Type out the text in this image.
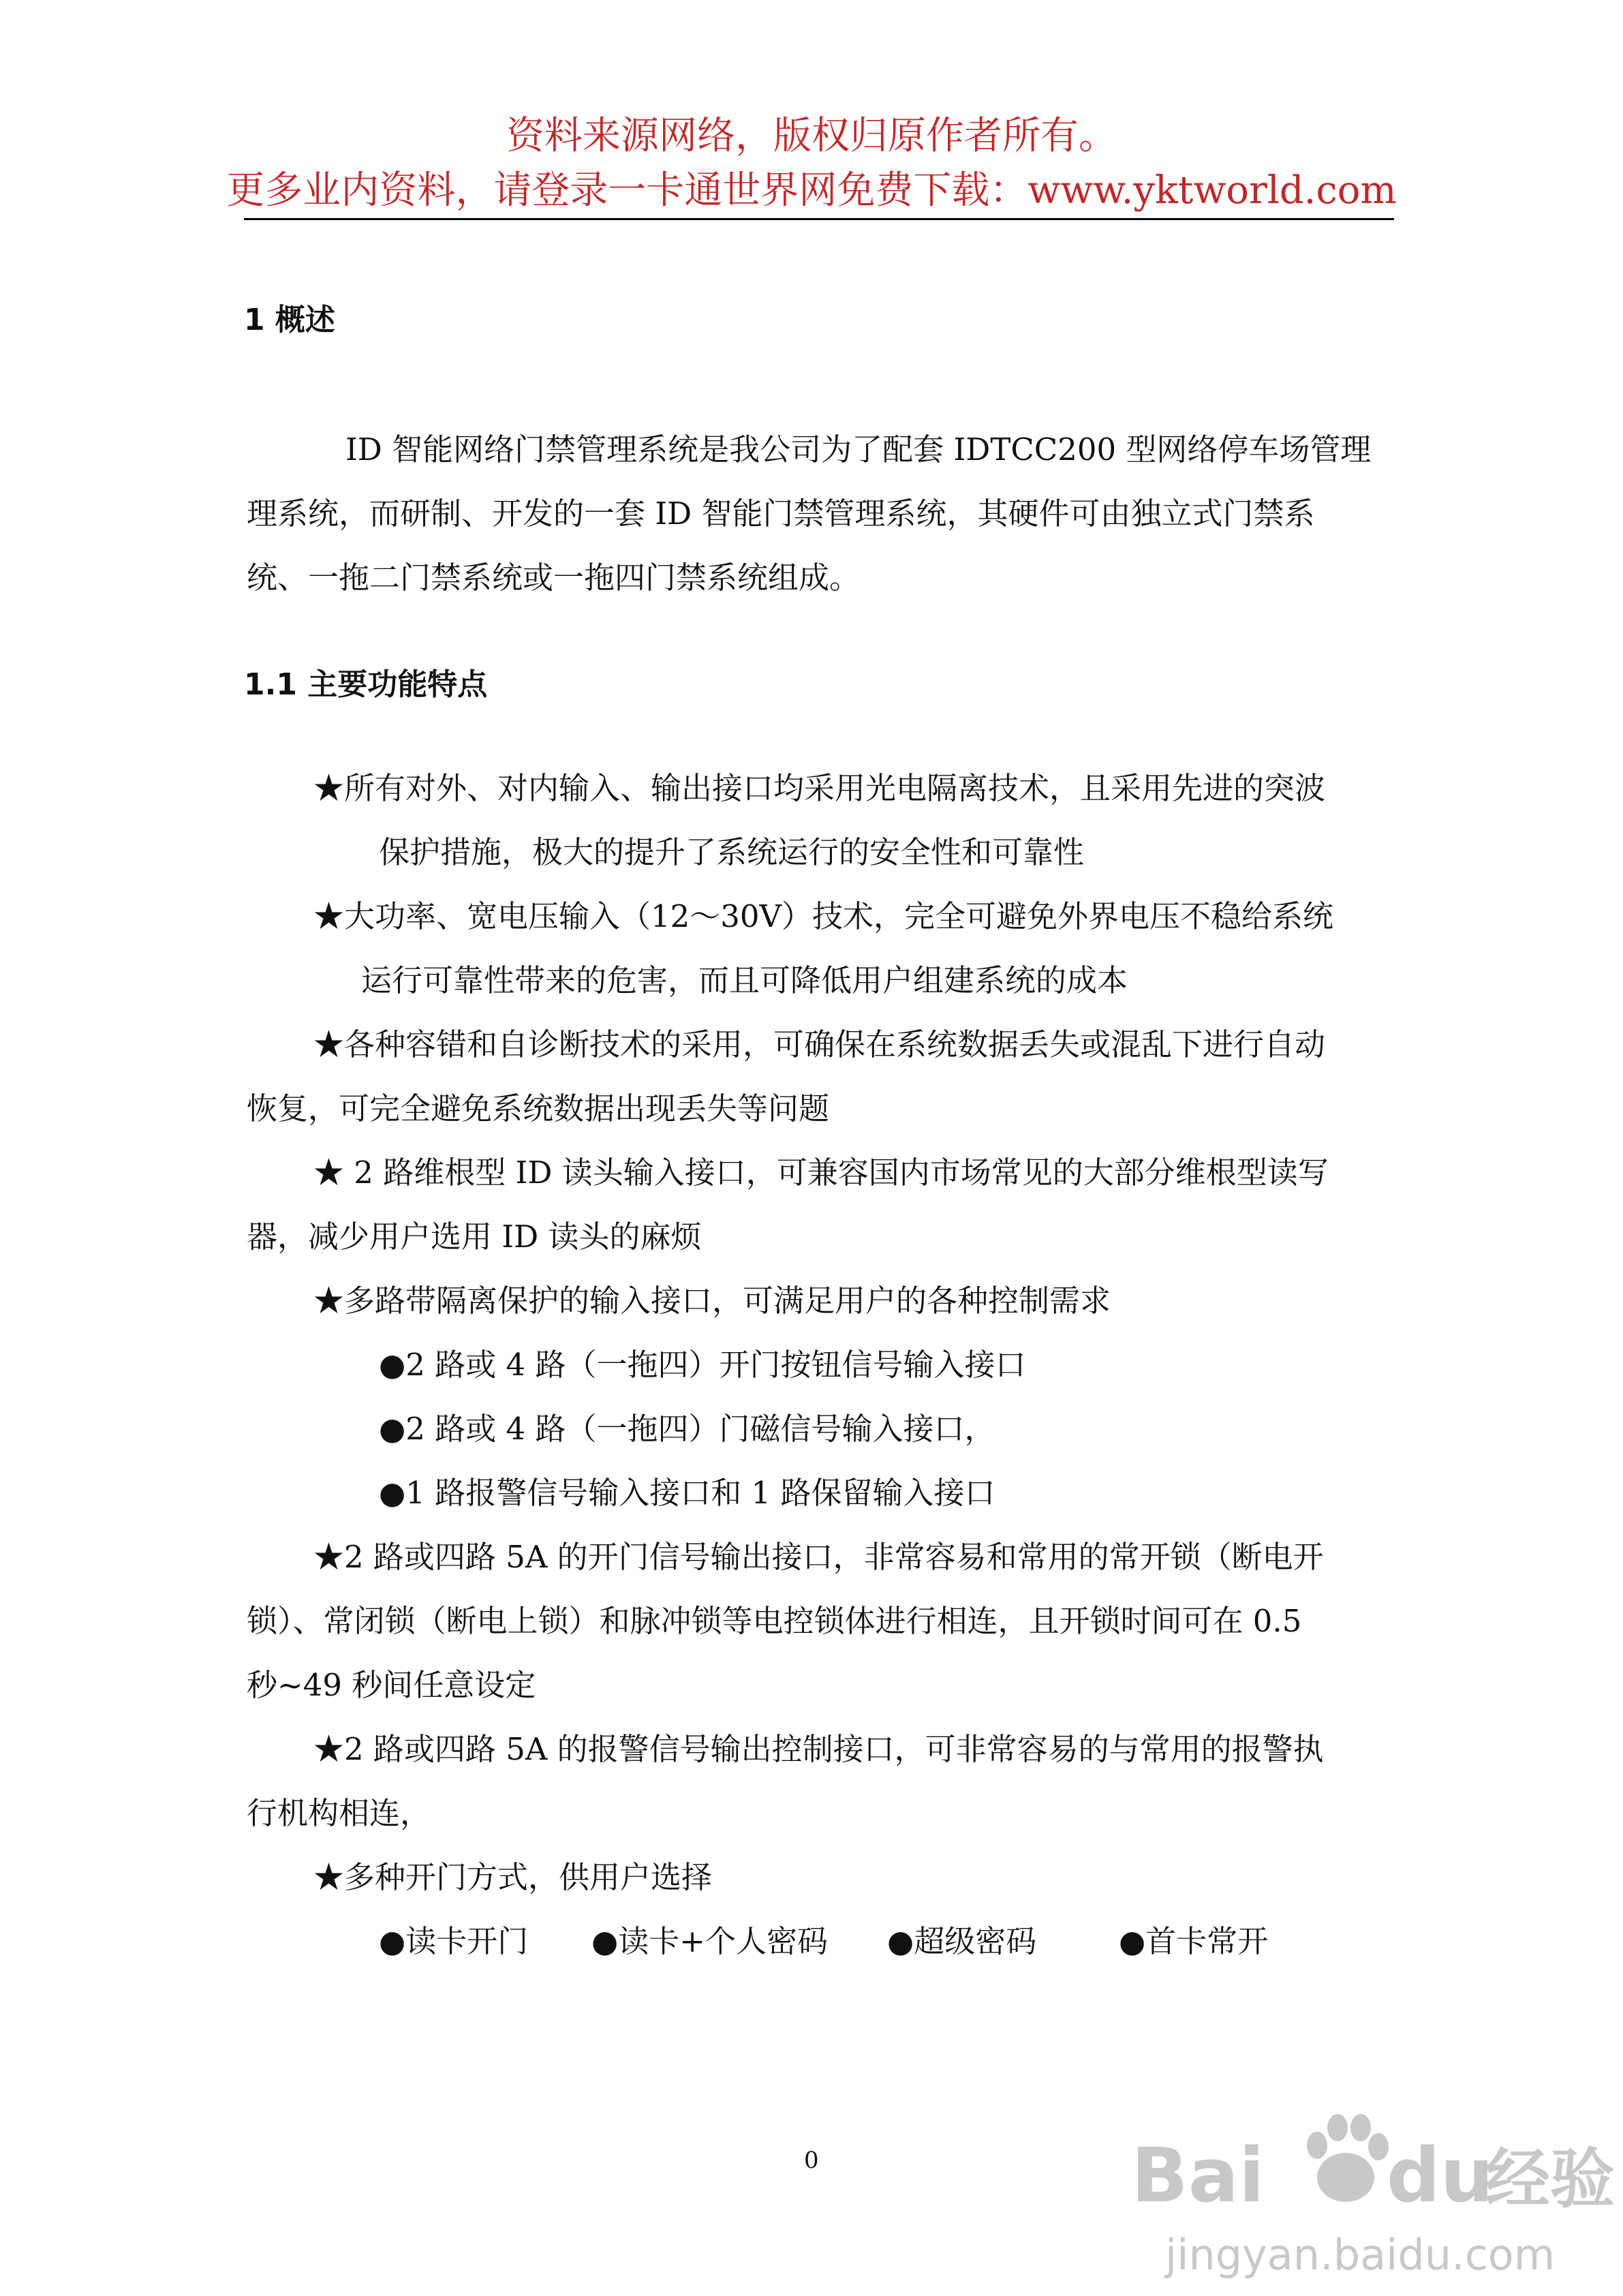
资料来源网络，版权归原作者所有。
更多业内资料，请登录一卡通世界网免费下载：www.yktworld.com
1 概述
ID 智能网络门禁管理系统是我公司为了配套 IDTCC200 型网络停车场管理
理系统，而研制、开发的一套 ID 智能门禁管理系统，其硬件可由独立式门禁系
统、一拖二门禁系统或一拖四门禁系统组成。
1.1 主要功能特点
★所有对外、对内输入、输出接口均采用光电隔离技术，且采用先进的突波
保护措施，极大的提升了系统运行的安全性和可靠性
★大功率、宽电压输入（12～30V）技术，完全可避免外界电压不稳给系统
运行可靠性带来的危害，而且可降低用户组建系统的成本
★各种容错和自诊断技术的采用，可确保在系统数据丢失或混乱下进行自动
恢复，可完全避免系统数据出现丢失等问题
★ 2 路维根型 ID 读头输入接口，可兼容国内市场常见的大部分维根型读写
器，减少用户选用 ID 读头的麻烦
★多路带隔离保护的输入接口，可满足用户的各种控制需求
●2 路或 4 路（一拖四）开门按钮信号输入接口
●2 路或 4 路（一拖四）门磁信号输入接口，
●1 路报警信号输入接口和 1 路保留输入接口
★2 路或四路 5A 的开门信号输出接口，非常容易和常用的常开锁（断电开
锁）、常闭锁（断电上锁）和脉冲锁等电控锁体进行相连，且开锁时间可在 0.5
秒~49 秒间任意设定
★2 路或四路 5A 的报警信号输出控制接口，可非常容易的与常用的报警执
行机构相连，
★多种开门方式，供用户选择
●读卡开门 ●读卡+个人密码 ●超级密码	●首卡常开
0	Bai du
经验
jingyan.baidu.com
